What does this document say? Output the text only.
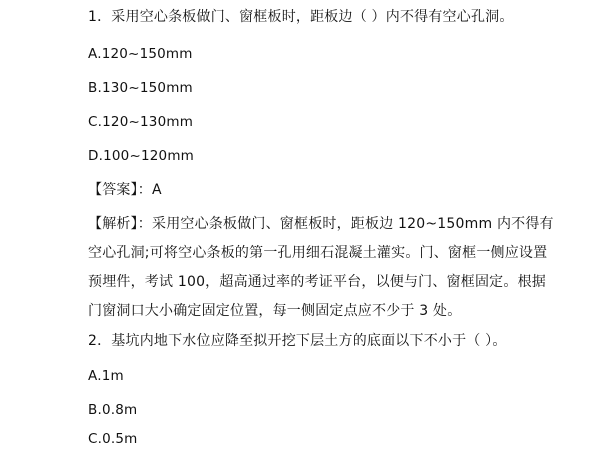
1．采用空心条板做门、窗框板时，距板边（ ）内不得有空心孔洞。
A.120~150mm
B.130~150mm
C.120~130mm
D.100~120mm
【答案】：A
【解析】：采用空心条板做门、窗框板时，距板边 120~150mm 内不得有
空心孔洞;可将空心条板的第一孔用细石混凝土灌实。门、窗框一侧应设置
预埋件，考试 100，超高通过率的考证平台，以便与门、窗框固定。根据
门窗洞口大小确定固定位置，每一侧固定点应不少于 3 处。
2．基坑内地下水位应降至拟开挖下层土方的底面以下不小于（ ）。
A.1m
B.0.8m
C.0.5m
